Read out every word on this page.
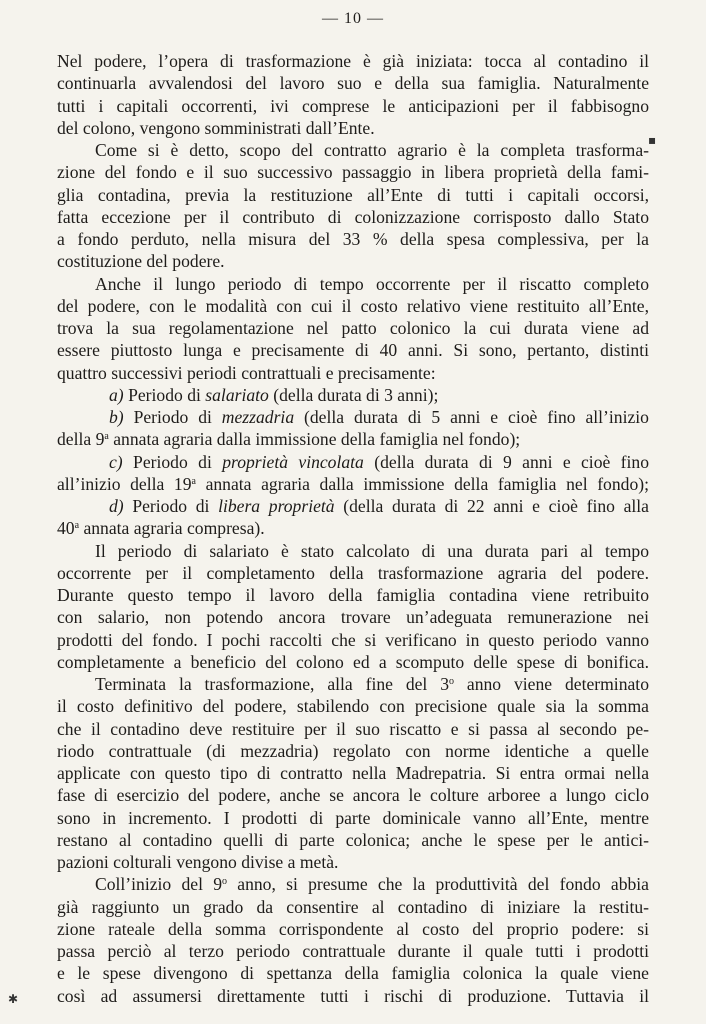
— 10 —
Nel podere, l’opera di trasformazione è già iniziata: tocca al contadino il
continuarla avvalendosi del lavoro suo e della sua famiglia. Naturalmente
tutti i capitali occorrenti, ivi comprese le anticipazioni per il fabbisogno
del colono, vengono somministrati dall’Ente.
Come si è detto, scopo del contratto agrario è la completa trasforma-
zione del fondo e il suo successivo passaggio in libera proprietà della fami-
glia contadina, previa la restituzione all’Ente di tutti i capitali occorsi,
fatta eccezione per il contributo di colonizzazione corrisposto dallo Stato
a fondo perduto, nella misura del 33 % della spesa complessiva, per la
costituzione del podere.
Anche il lungo periodo di tempo occorrente per il riscatto completo
del podere, con le modalità con cui il costo relativo viene restituito all’Ente,
trova la sua regolamentazione nel patto colonico la cui durata viene ad
essere piuttosto lunga e precisamente di 40 anni. Si sono, pertanto, distinti
quattro successivi periodi contrattuali e precisamente:
a) Periodo di salariato (della durata di 3 anni);
b) Periodo di mezzadria (della durata di 5 anni e cioè fino all’inizio
della 9$^a$ annata agraria dalla immissione della famiglia nel fondo);
c) Periodo di proprietà vincolata (della durata di 9 anni e cioè fino
all’inizio della 19$^a$ annata agraria dalla immissione della famiglia nel fondo);
d) Periodo di libera proprietà (della durata di 22 anni e cioè fino alla
40$^a$ annata agraria compresa).
Il periodo di salariato è stato calcolato di una durata pari al tempo
occorrente per il completamento della trasformazione agraria del podere.
Durante questo tempo il lavoro della famiglia contadina viene retribuito
con salario, non potendo ancora trovare un’adeguata remunerazione nei
prodotti del fondo. I pochi raccolti che si verificano in questo periodo vanno
completamente a beneficio del colono ed a scomputo delle spese di bonifica.
Terminata la trasformazione, alla fine del 3$^o$ anno viene determinato
il costo definitivo del podere, stabilendo con precisione quale sia la somma
che il contadino deve restituire per il suo riscatto e si passa al secondo pe-
riodo contrattuale (di mezzadria) regolato con norme identiche a quelle
applicate con questo tipo di contratto nella Madrepatria. Si entra ormai nella
fase di esercizio del podere, anche se ancora le colture arboree a lungo ciclo
sono in incremento. I prodotti di parte dominicale vanno all’Ente, mentre
restano al contadino quelli di parte colonica; anche le spese per le antici-
pazioni colturali vengono divise a metà.
Coll’inizio del 9$^o$ anno, si presume che la produttività del fondo abbia
già raggiunto un grado da consentire al contadino di iniziare la restitu-
zione rateale della somma corrispondente al costo del proprio podere: si
passa perciò al terzo periodo contrattuale durante il quale tutti i prodotti
e le spese divengono di spettanza della famiglia colonica la quale viene
così ad assumersi direttamente tutti i rischi di produzione. Tuttavia il
▪
✱
